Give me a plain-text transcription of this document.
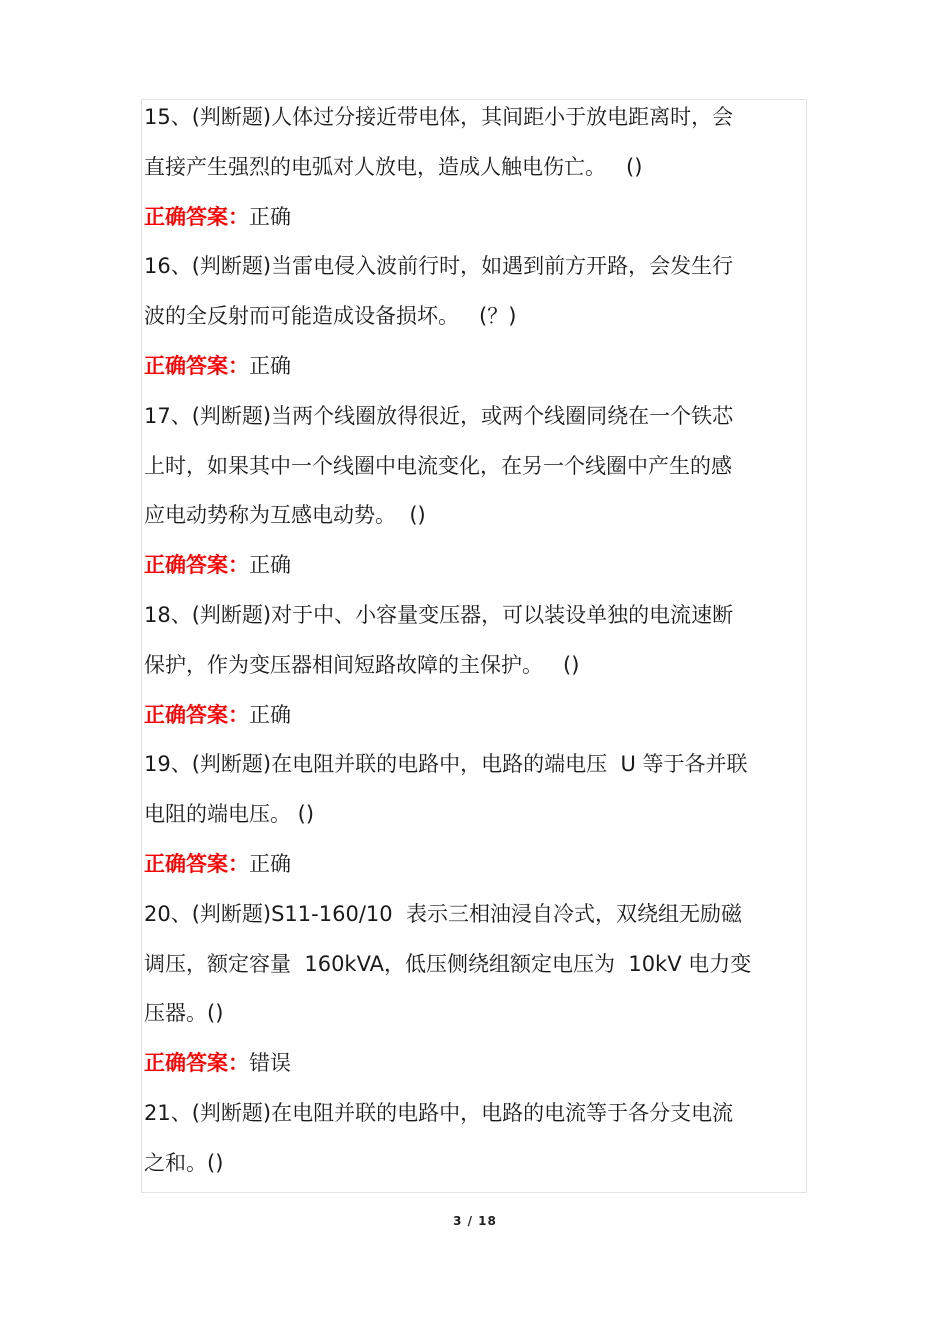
15、(判断题)人体过分接近带电体，其间距小于放电距离时，会
直接产生强烈的电弧对人放电，造成人触电伤亡。   ()
正确答案：正确
16、(判断题)当雷电侵入波前行时，如遇到前方开路，会发生行
波的全反射而可能造成设备损坏。   (？)
正确答案：正确
17、(判断题)当两个线圈放得很近，或两个线圈同绕在一个铁芯
上时，如果其中一个线圈中电流变化，在另一个线圈中产生的感
应电动势称为互感电动势。  ()
正确答案：正确
18、(判断题)对于中、小容量变压器，可以装设单独的电流速断
保护，作为变压器相间短路故障的主保护。   ()
正确答案：正确
19、(判断题)在电阻并联的电路中，电路的端电压  U 等于各并联
电阻的端电压。 ()
正确答案：正确
20、(判断题)S11-160/10  表示三相油浸自冷式，双绕组无励磁
调压，额定容量  160kVA，低压侧绕组额定电压为  10kV 电力变
压器。()
正确答案：错误
21、(判断题)在电阻并联的电路中，电路的电流等于各分支电流
之和。()
3 / 18
